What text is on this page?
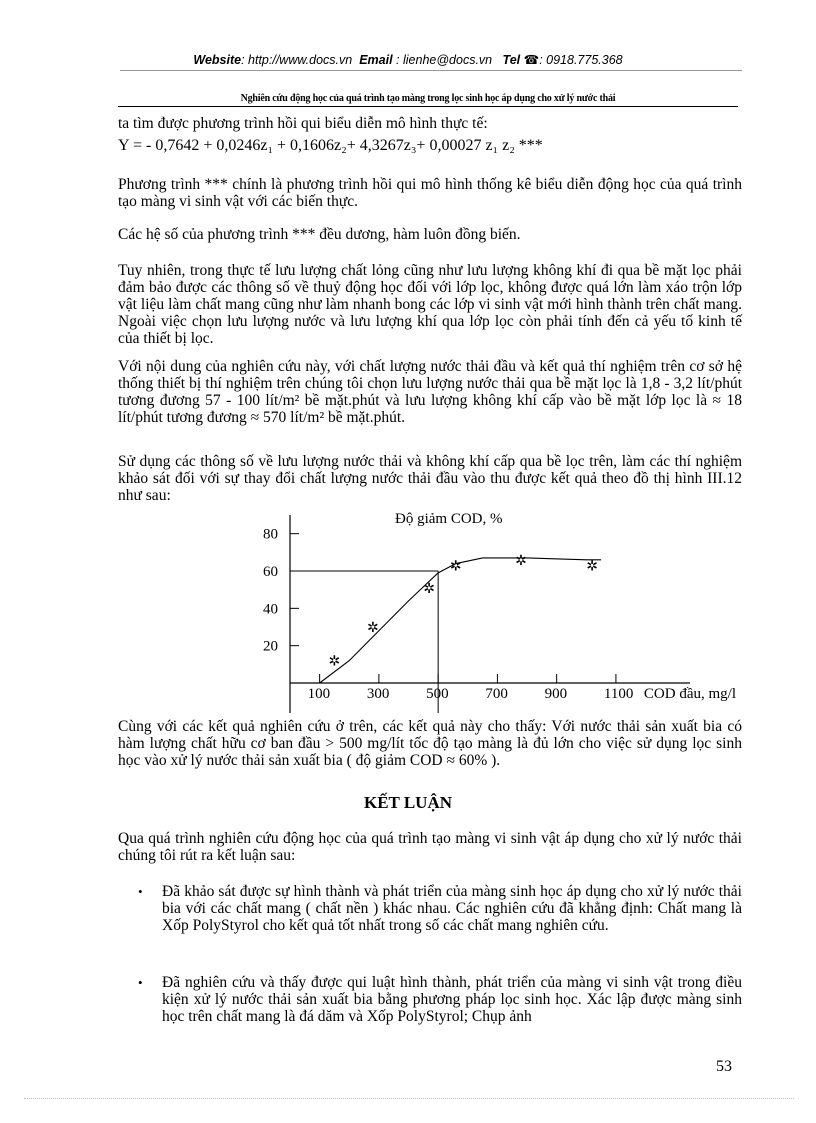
Website: http://www.docs.vn Email : lienhe@docs.vn Tel ☎: 0918.775.368
Nghiên cứu động học của quá trình tạo màng trong lọc sinh học áp dụng cho xử lý nước thải
ta tìm được phương trình hồi qui biểu diễn mô hình thực tế:
Y = - 0,7642 + 0,0246z₁ + 0,1606z₂+ 4,3267z₃+ 0,00027 z₁ z₂ ***
Phương trình *** chính là phương trình hồi qui mô hình thống kê biểu diễn động học của quá trình tạo màng vi sinh vật với các biến thực.
Các hệ số của phương trình *** đều dương, hàm luôn đồng biến.
Tuy nhiên, trong thực tế lưu lượng chất lỏng cũng như lưu lượng không khí đi qua bề mặt lọc phải đảm bảo được các thông số về thuỷ động học đối với lớp lọc, không được quá lớn làm xáo trộn lớp vật liệu làm chất mang cũng như làm nhanh bong các lớp vi sinh vật mới hình thành trên chất mang. Ngoài việc chọn lưu lượng nước và lưu lượng khí qua lớp lọc còn phải tính đến cả yếu tố kinh tế của thiết bị lọc.
Với nội dung của nghiên cứu này, với chất lượng nước thải đầu và kết quả thí nghiệm trên cơ sở hệ thống thiết bị thí nghiệm trên chúng tôi chọn lưu lượng nước thải qua bề mặt lọc là 1,8 - 3,2 lít/phút tương đương 57 - 100 lít/m² bề mặt.phút và lưu lượng không khí cấp vào bề mặt lớp lọc là ≈ 18 lít/phút tương đương ≈ 570 lít/m² bề mặt.phút.
Sử dụng các thông số về lưu lượng nước thải và không khí cấp qua bề lọc trên, làm các thí nghiệm khảo sát đối với sự thay đổi chất lượng nước thải đầu vào thu được kết quả theo đồ thị hình III.12 như sau:
Độ giảm COD, %
20
40
60
80
100 300 500 700 900 1100
✲
✲
✲
✲	✲	✲
COD đầu, mg/l
Cùng với các kết quả nghiên cứu ở trên, các kết quả này cho thấy: Với nước thải sản xuất bia có hàm lượng chất hữu cơ ban đầu > 500 mg/lít tốc độ tạo màng là đủ lớn cho việc sử dụng lọc sinh học vào xử lý nước thải sản xuất bia ( độ giảm COD ≈ 60% ).
KẾT LUẬN
Qua quá trình nghiên cứu động học của quá trình tạo màng vi sinh vật áp dụng cho xử lý nước thải chúng tôi rút ra kết luận sau:
• Đã khảo sát được sự hình thành và phát triển của màng sinh học áp dụng cho xử lý nước thải bia với các chất mang ( chất nền ) khác nhau. Các nghiên cứu đã khẳng định: Chất mang là Xốp PolyStyrol cho kết quả tốt nhất trong số các chất mang nghiên cứu.
• Đã nghiên cứu và thấy được qui luật hình thành, phát triển của màng vi sinh vật trong điều kiện xử lý nước thải sản xuất bia bằng phương pháp lọc sinh học. Xác lập được màng sinh học trên chất mang là đá dăm và Xốp PolyStyrol; Chụp ảnh
53
